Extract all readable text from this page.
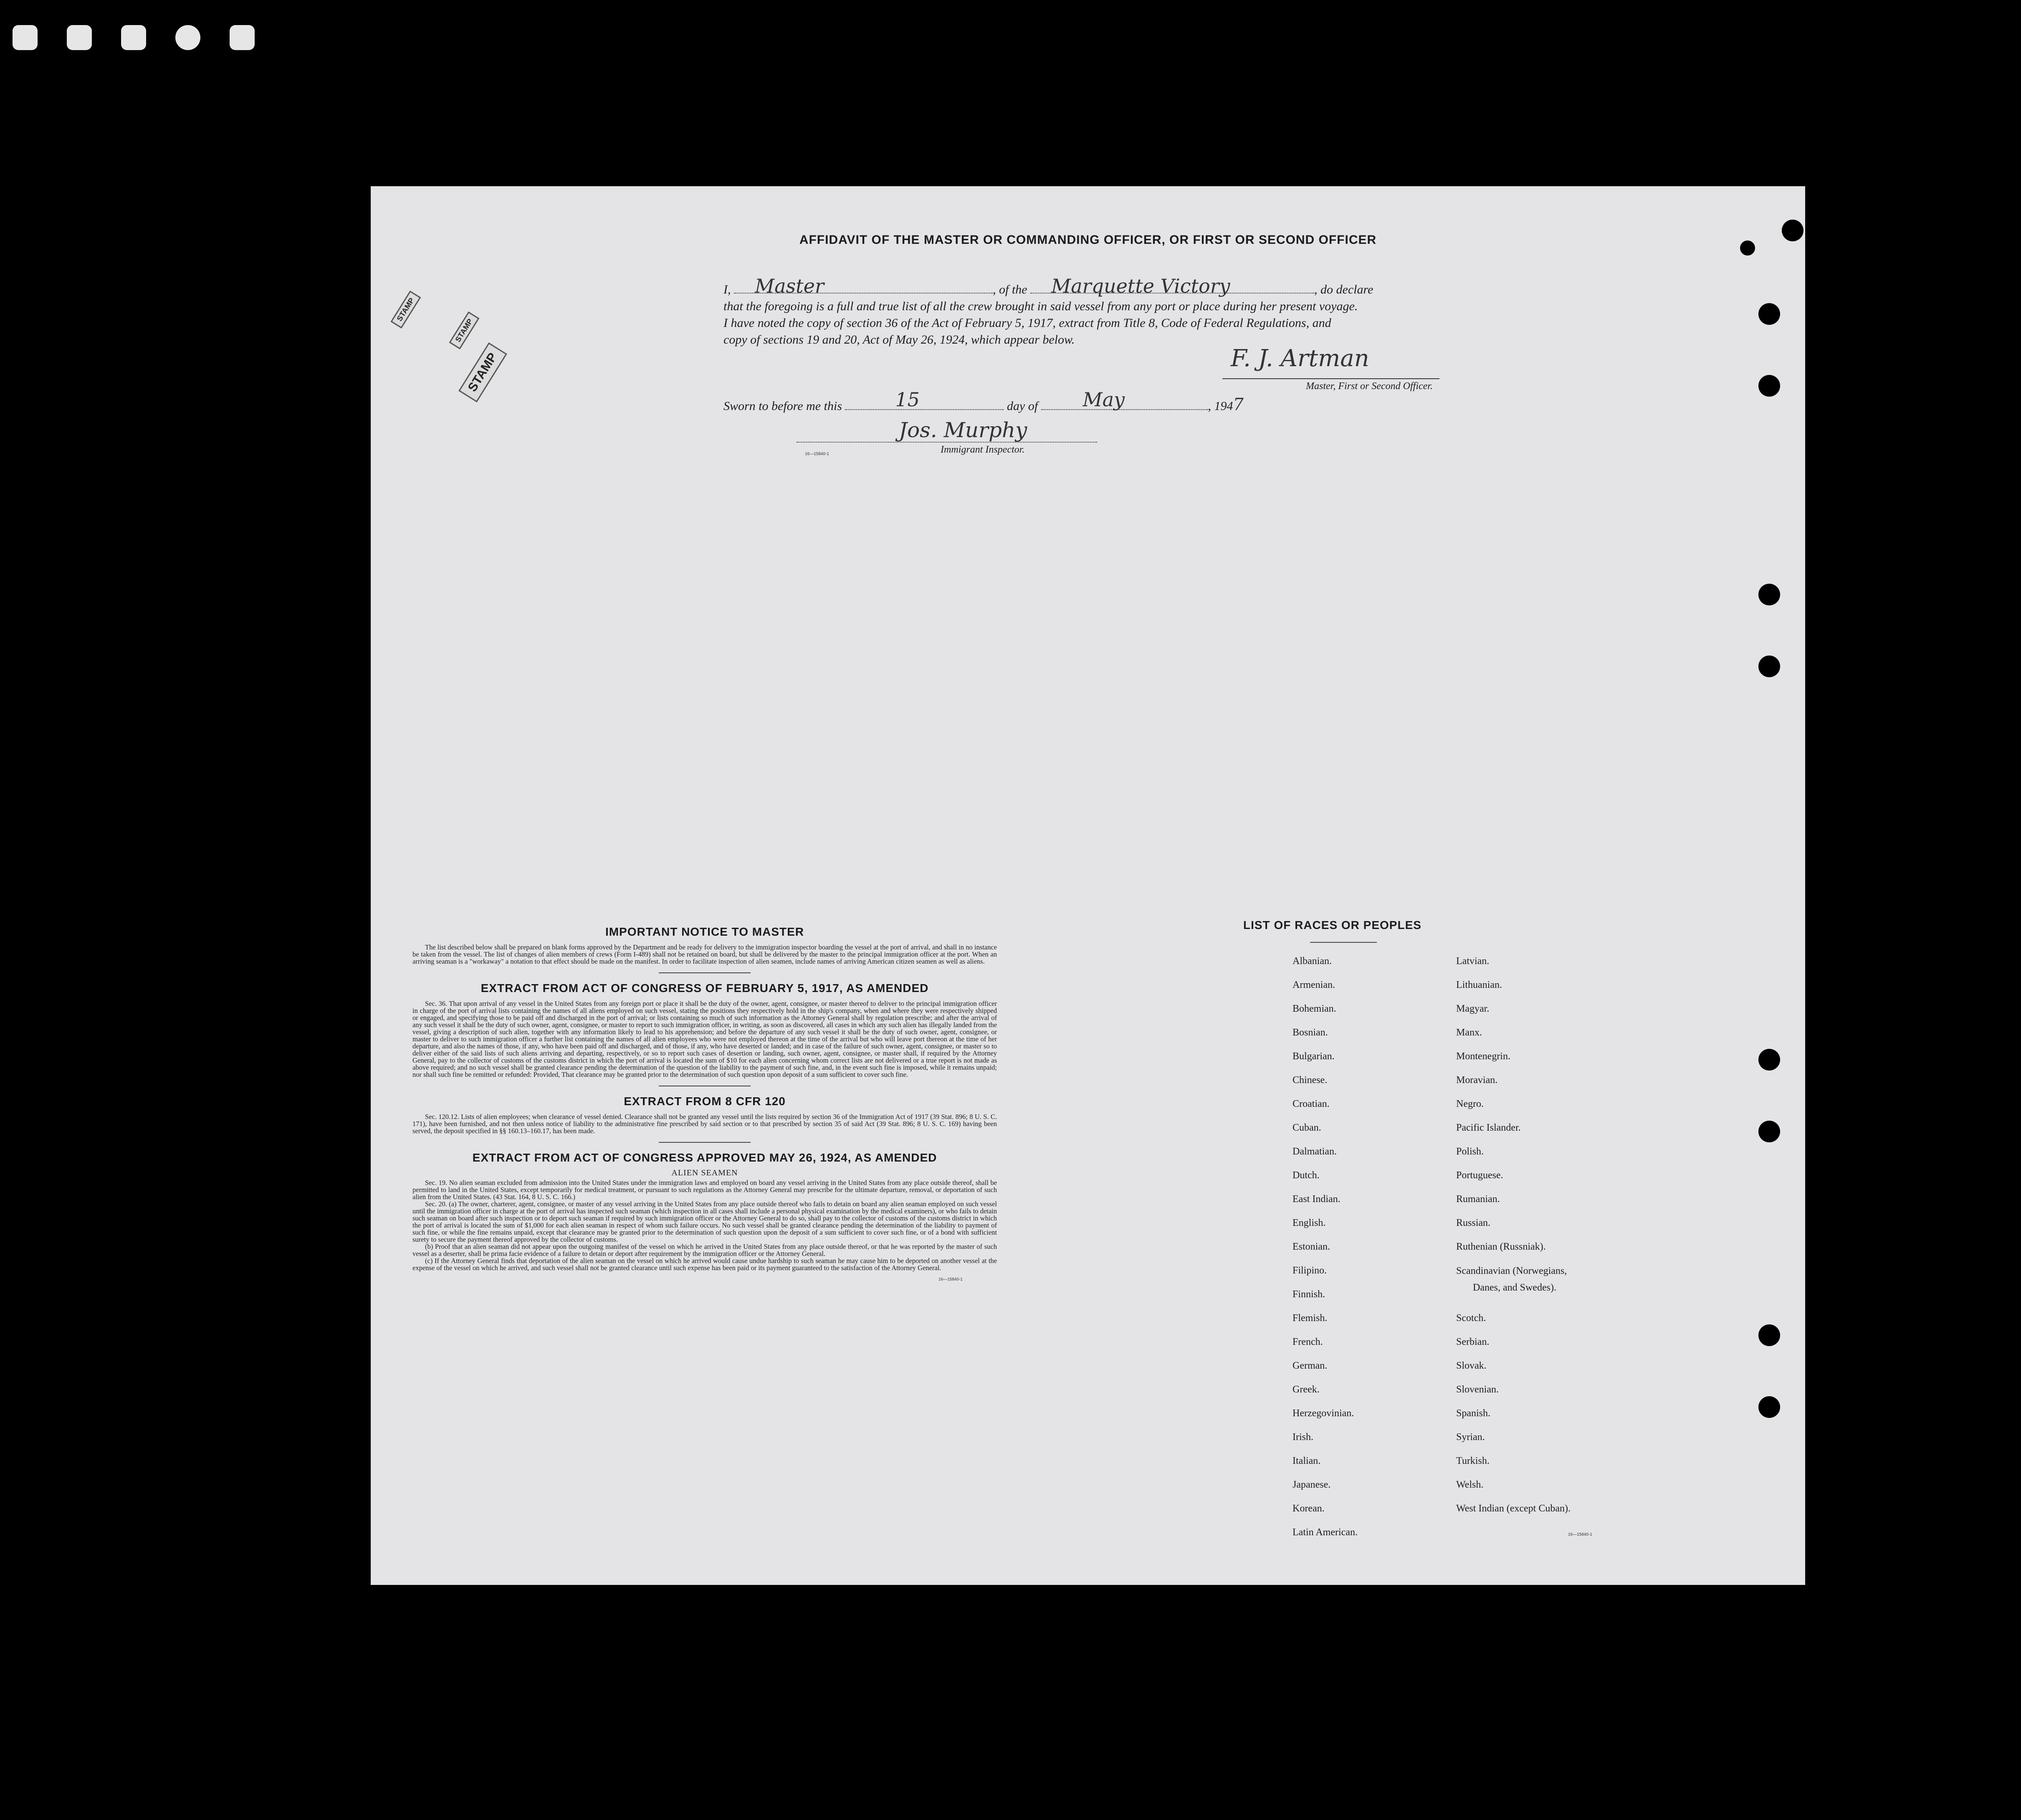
STAMP
STAMP
STAMP
AFFIDAVIT OF THE MASTER OR COMMANDING OFFICER, OR FIRST OR SECOND OFFICER

I, Master	, of the Marquette Victory	, do declare

that the foregoing is a full and true list of all the crew brought in said vessel from any port or place during her present voyage.

I have noted the copy of section 36 of the Act of February 5, 1917, extract from Title 8, Code of Federal Regulations, and

copy of sections 19 and 20, Act of May 26, 1924, which appear below.

F. J. Artman
Master, First or Second Officer.
Sworn to before me this	15	day of May	, 1947
Jos. Murphy
Immigrant Inspector.
16—15840-1
IMPORTANT NOTICE TO MASTER

The list described below shall be prepared on blank forms approved by the Department and be ready for delivery to the immigration inspector boarding the vessel at the port of arrival, and shall in no instance be taken from the vessel. The list of changes of alien members of crews (Form I-489) shall not be retained on board, but shall be delivered by the master to the principal immigration officer at the port. When an arriving seaman is a "workaway" a notation to that effect should be made on the manifest. In order to facilitate inspection of alien seamen, include names of arriving American citizen seamen as well as aliens.

EXTRACT FROM ACT OF CONGRESS OF FEBRUARY 5, 1917, AS AMENDED

Sec. 36. That upon arrival of any vessel in the United States from any foreign port or place it shall be the duty of the owner, agent, consignee, or master thereof to deliver to the principal immigration officer in charge of the port of arrival lists containing the names of all aliens employed on such vessel, stating the positions they respectively hold in the ship's company, when and where they were respectively shipped or engaged, and specifying those to be paid off and discharged in the port of arrival; or lists containing so much of such information as the Attorney General shall by regulation prescribe; and after the arrival of any such vessel it shall be the duty of such owner, agent, consignee, or master to report to such immigration officer, in writing, as soon as discovered, all cases in which any such alien has illegally landed from the vessel, giving a description of such alien, together with any information likely to lead to his apprehension; and before the departure of any such vessel it shall be the duty of such owner, agent, consignee, or master to deliver to such immigration officer a further list containing the names of all alien employees who were not employed thereon at the time of the arrival but who will leave port thereon at the time of her departure, and also the names of those, if any, who have been paid off and discharged, and of those, if any, who have deserted or landed; and in case of the failure of such owner, agent, consignee, or master so to deliver either of the said lists of such aliens arriving and departing, respectively, or so to report such cases of desertion or landing, such owner, agent, consignee, or master shall, if required by the Attorney General, pay to the collector of customs of the customs district in which the port of arrival is located the sum of $10 for each alien concerning whom correct lists are not delivered or a true report is not made as above required; and no such vessel shall be granted clearance pending the determination of the question of the liability to the payment of such fine, and, in the event such fine is imposed, while it remains unpaid; nor shall such fine be remitted or refunded: Provided, That clearance may be granted prior to the determination of such question upon deposit of a sum sufficient to cover such fine.

EXTRACT FROM 8 CFR 120

Sec. 120.12. Lists of alien employees; when clearance of vessel denied. Clearance shall not be granted any vessel until the lists required by section 36 of the Immigration Act of 1917 (39 Stat. 896; 8 U. S. C. 171), have been furnished, and not then unless notice of liability to the administrative fine prescribed by said section or to that prescribed by section 35 of said Act (39 Stat. 896; 8 U. S. C. 169) having been served, the deposit specified in §§ 160.13–160.17, has been made.

EXTRACT FROM ACT OF CONGRESS APPROVED MAY 26, 1924, AS AMENDED

ALIEN SEAMEN

Sec. 19. No alien seaman excluded from admission into the United States under the immigration laws and employed on board any vessel arriving in the United States from any place outside thereof, shall be permitted to land in the United States, except temporarily for medical treatment, or pursuant to such regulations as the Attorney General may prescribe for the ultimate departure, removal, or deportation of such alien from the United States. (43 Stat. 164, 8 U. S. C. 166.)

Sec. 20. (a) The owner, charterer, agent, consignee, or master of any vessel arriving in the United States from any place outside thereof who fails to detain on board any alien seaman employed on such vessel until the immigration officer in charge at the port of arrival has inspected such seaman (which inspection in all cases shall include a personal physical examination by the medical examiners), or who fails to detain such seaman on board after such inspection or to deport such seaman if required by such immigration officer or the Attorney General to do so, shall pay to the collector of customs of the customs district in which the port of arrival is located the sum of $1,000 for each alien seaman in respect of whom such failure occurs. No such vessel shall be granted clearance pending the determination of the liability to payment of such fine, or while the fine remains unpaid, except that clearance may be granted prior to the determination of such question upon the deposit of a sum sufficient to cover such fine, or of a bond with sufficient surety to secure the payment thereof approved by the collector of customs.

(b) Proof that an alien seaman did not appear upon the outgoing manifest of the vessel on which he arrived in the United States from any place outside thereof, or that he was reported by the master of such vessel as a deserter, shall be prima facie evidence of a failure to detain or deport after requirement by the immigration officer or the Attorney General.

(c) If the Attorney General finds that deportation of the alien seaman on the vessel on which he arrived would cause undue hardship to such seaman he may cause him to be deported on another vessel at the expense of the vessel on which he arrived, and such vessel shall not be granted clearance until such expense has been paid or its payment guaranteed to the satisfaction of the Attorney General.

16—15840-1
LIST OF RACES OR PEOPLES
Albanian.
Armenian.
Bohemian.
Bosnian.
Bulgarian.
Chinese.
Croatian.
Cuban.
Dalmatian.
Dutch.
East Indian.
English.
Estonian.
Filipino.
Finnish.
Flemish.
French.
German.
Greek.
Herzegovinian.
Irish.
Italian.
Japanese.
Korean.
Latin American.
Latvian.
Lithuanian.
Magyar.
Manx.
Montenegrin.
Moravian.
Negro.
Pacific Islander.
Polish.
Portuguese.
Rumanian.
Russian.
Ruthenian (Russniak).
Scandinavian (Norwegians,
Danes, and Swedes).
Scotch.
Serbian.
Slovak.
Slovenian.
Spanish.
Syrian.
Turkish.
Welsh.
West Indian (except Cuban).
16—15840-1
